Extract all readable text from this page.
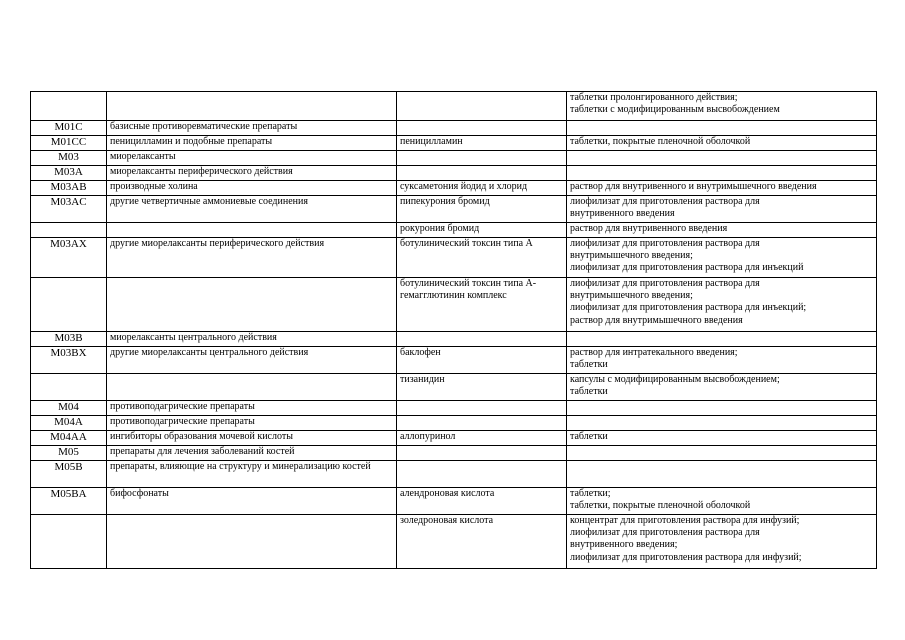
			таблетки пролонгированного действия;
таблетки с модифицированным высвобождением

M01C	базисные противоревматические препараты		
M01CC	пеницилламин и подобные препараты	пеницилламин	таблетки, покрытые пленочной оболочкой

M03	миорелаксанты		
M03A	миорелаксанты периферического действия		
M03AB	производные холина	суксаметония йодид и хлорид	раствор для внутривенного и внутримышечного введения

M03AC	другие четвертичные аммониевые соединения	пипекурония бромид	лиофилизат для приготовления раствора для
внутривенного введения

		рокурония бромид	раствор для внутривенного введения

M03AX	другие миорелаксанты периферического действия	ботулинический токсин типа А	лиофилизат для приготовления раствора для
внутримышечного введения;
лиофилизат для приготовления раствора для инъекций

		ботулинический токсин типа А-гемагглютинин комплекс	лиофилизат для приготовления раствора для
внутримышечного введения;
лиофилизат для приготовления раствора для инъекций;
раствор для внутримышечного введения

M03B	миорелаксанты центрального действия		
M03BX	другие миорелаксанты центрального действия	баклофен	раствор для интратекального введения;
таблетки

		тизанидин	капсулы с модифицированным высвобождением;
таблетки

M04	противоподагрические препараты		
M04A	противоподагрические препараты		
M04AA	ингибиторы образования мочевой кислоты	аллопуринол	таблетки

M05	препараты для лечения заболеваний костей		
M05B	препараты, влияющие на структуру и минерализацию костей		
M05BA	бифосфонаты	алендроновая кислота	таблетки;
таблетки, покрытые пленочной оболочкой

		золедроновая кислота	концентрат для приготовления раствора для инфузий;
лиофилизат для приготовления раствора для
внутривенного введения;
лиофилизат для приготовления раствора для инфузий;
